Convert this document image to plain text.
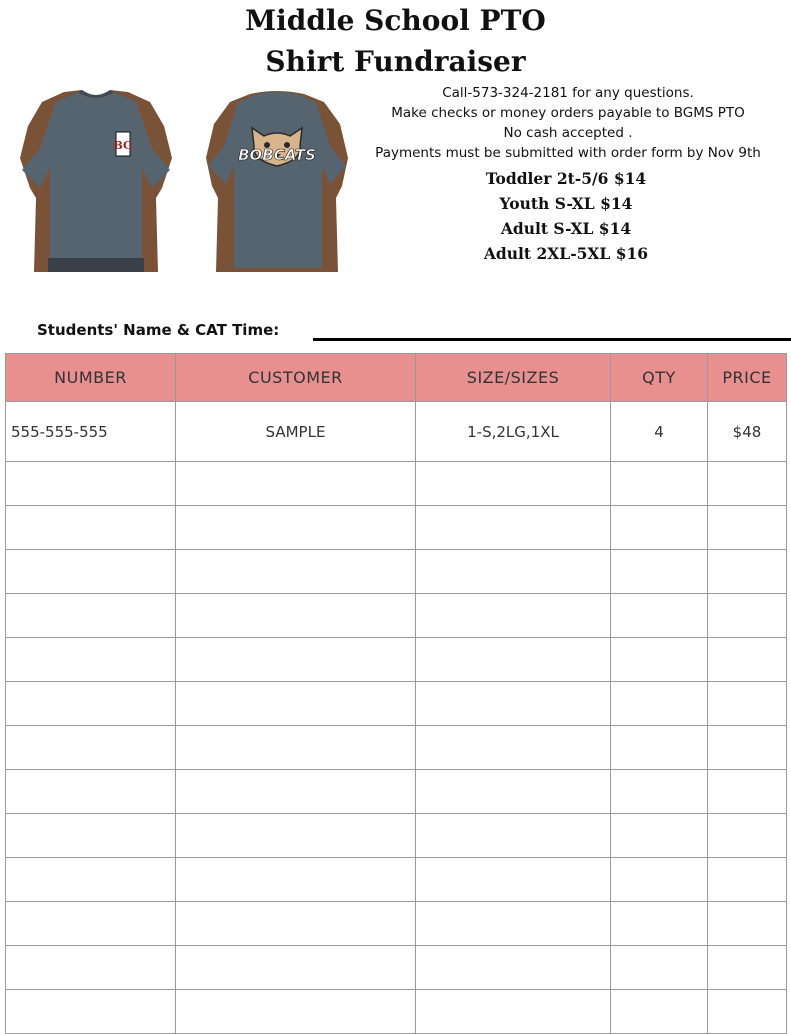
Middle School PTO
Shirt Fundraiser
BG
BOBCATS
Call-573-324-2181 for any questions.
Make checks or money orders payable to BGMS PTO
No cash accepted .
Payments must be submitted with order form by Nov 9th
Toddler 2t-5/6 $14
Youth S-XL $14
Adult S-XL $14
Adult 2XL-5XL $16
Students' Name & CAT Time:
NUMBER	CUSTOMER	SIZE/SIZES	QTY	PRICE
555-555-555	SAMPLE	1-S,2LG,1XL	4	$48
